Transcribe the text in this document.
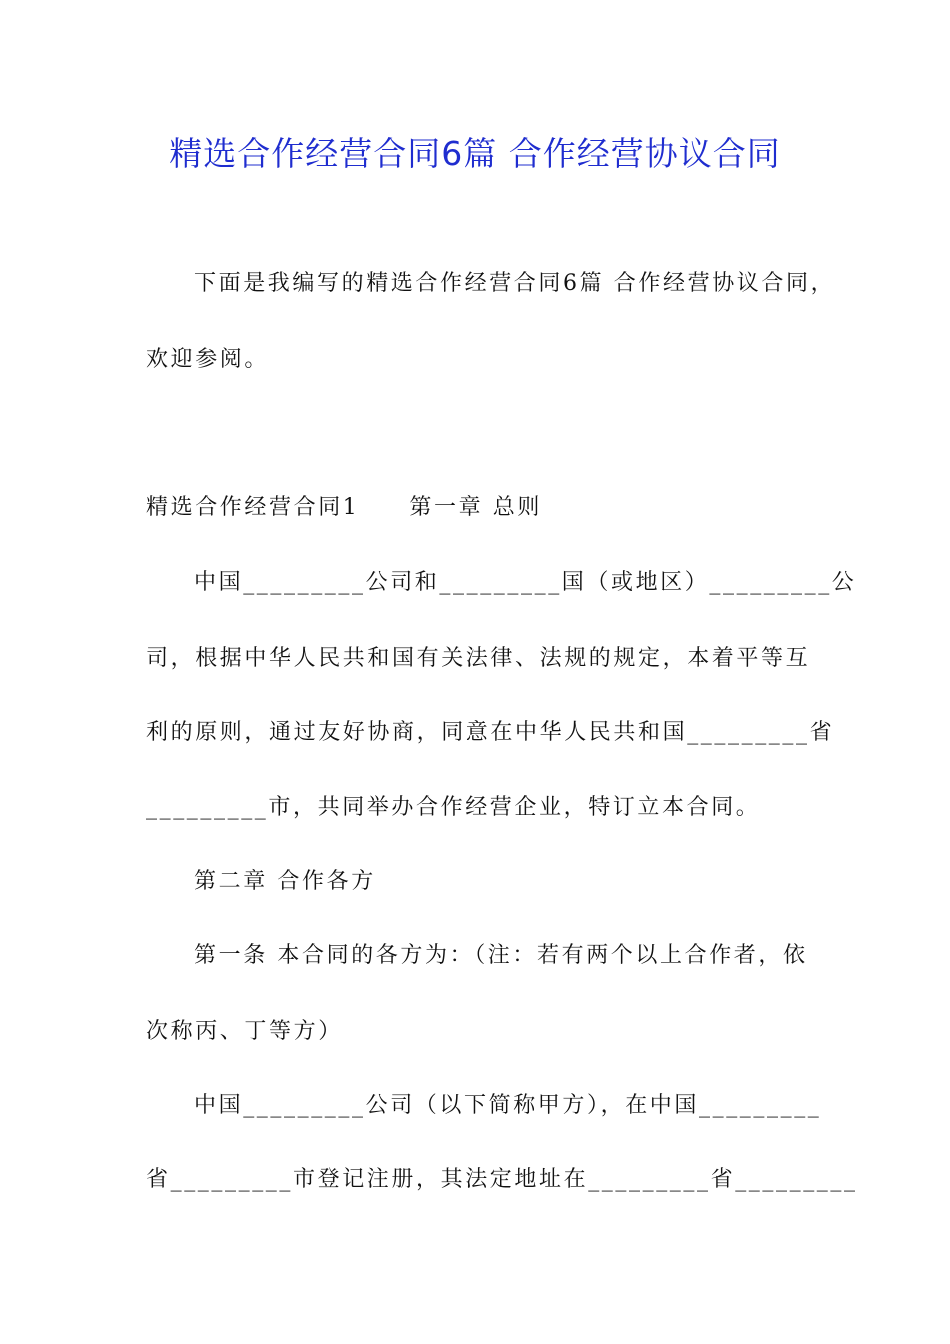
精选合作经营合同6篇 合作经营协议合同
下面是我编写的精选合作经营合同6篇 合作经营协议合同，
欢迎参阅。
精选合作经营合同1 第一章 总则
中国_________公司和_________国（或地区）_________公
司，根据中华人民共和国有关法律、法规的规定，本着平等互
利的原则，通过友好协商，同意在中华人民共和国_________省
_________市，共同举办合作经营企业，特订立本合同。
第二章 合作各方
第一条 本合同的各方为：（注：若有两个以上合作者，依
次称丙、丁等方）
中国_________公司（以下简称甲方），在中国_________
省_________市登记注册，其法定地址在_________省_________
